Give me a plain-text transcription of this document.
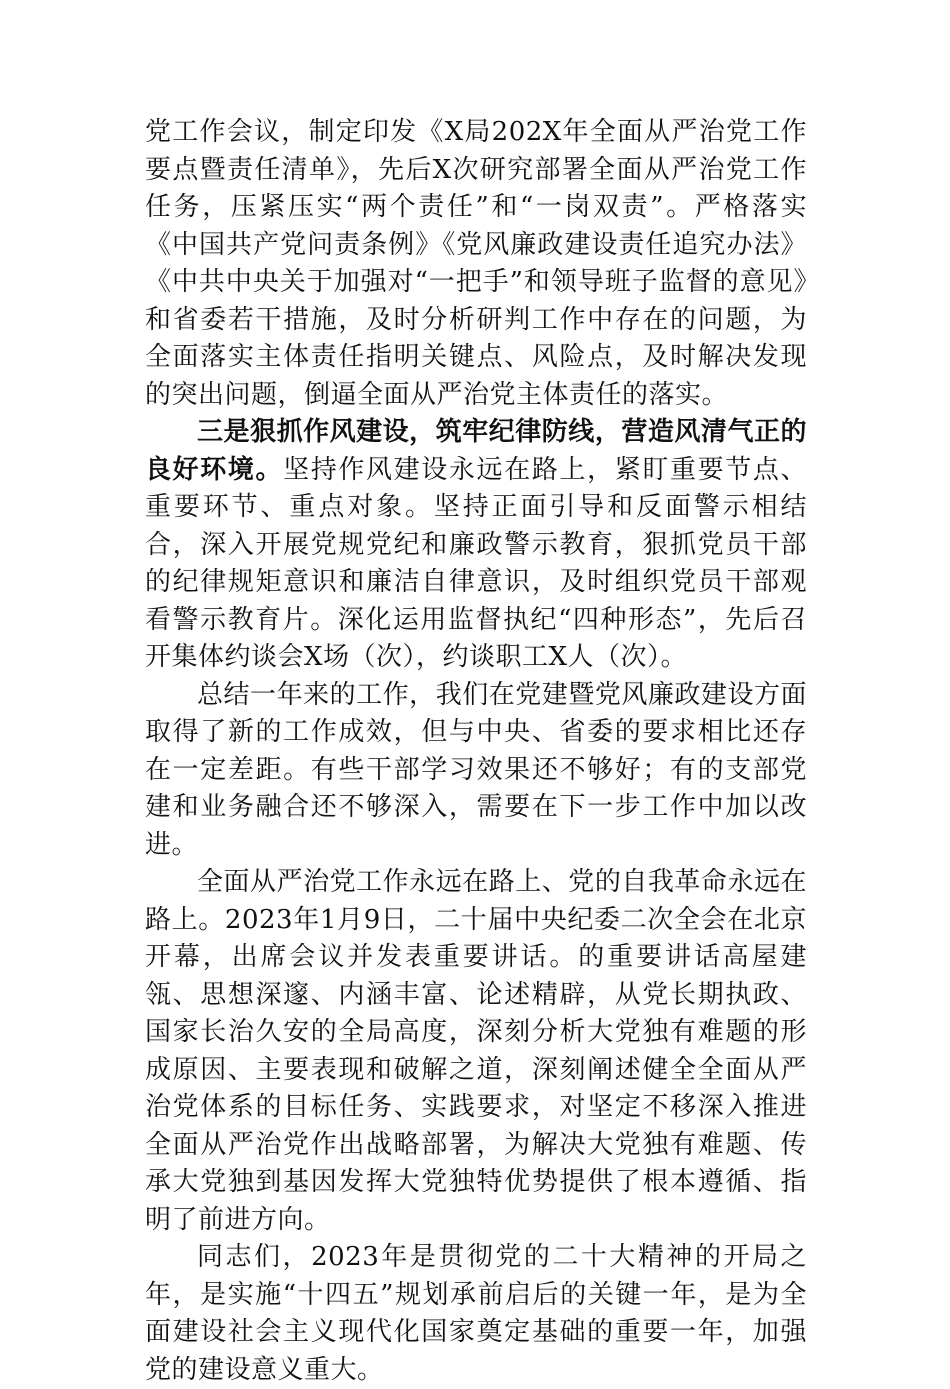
党工作会议，制定印发《X局202X年全面从严治党工作要点暨责任清单》，先后X次研究部署全面从严治党工作任务，压紧压实“两个责任”和“一岗双责”。严格落实《中国共产党问责条例》《党风廉政建设责任追究办法》《中共中央关于加强对“一把手”和领导班子监督的意见》和省委若干措施，及时分析研判工作中存在的问题，为全面落实主体责任指明关键点、风险点，及时解决发现的突出问题，倒逼全面从严治党主体责任的落实。

三是狠抓作风建设，筑牢纪律防线，营造风清气正的良好环境。坚持作风建设永远在路上，紧盯重要节点、重要环节、重点对象。坚持正面引导和反面警示相结合，深入开展党规党纪和廉政警示教育，狠抓党员干部的纪律规矩意识和廉洁自律意识，及时组织党员干部观看警示教育片。深化运用监督执纪“四种形态”，先后召开集体约谈会X场（次），约谈职工X人（次）。

总结一年来的工作，我们在党建暨党风廉政建设方面取得了新的工作成效，但与中央、省委的要求相比还存在一定差距。有些干部学习效果还不够好；有的支部党建和业务融合还不够深入，需要在下一步工作中加以改进。

全面从严治党工作永远在路上、党的自我革命永远在路上。2023年1月9日，二十届中央纪委二次全会在北京开幕，出席会议并发表重要讲话。的重要讲话高屋建瓴、思想深邃、内涵丰富、论述精辟，从党长期执政、国家长治久安的全局高度，深刻分析大党独有难题的形成原因、主要表现和破解之道，深刻阐述健全全面从严治党体系的目标任务、实践要求，对坚定不移深入推进全面从严治党作出战略部署，为解决大党独有难题、传承大党独到基因发挥大党独特优势提供了根本遵循、指明了前进方向。

同志们，2023年是贯彻党的二十大精神的开局之年，是实施“十四五”规划承前启后的关键一年，是为全面建设社会主义现代化国家奠定基础的重要一年，加强党的建设意义重大。
